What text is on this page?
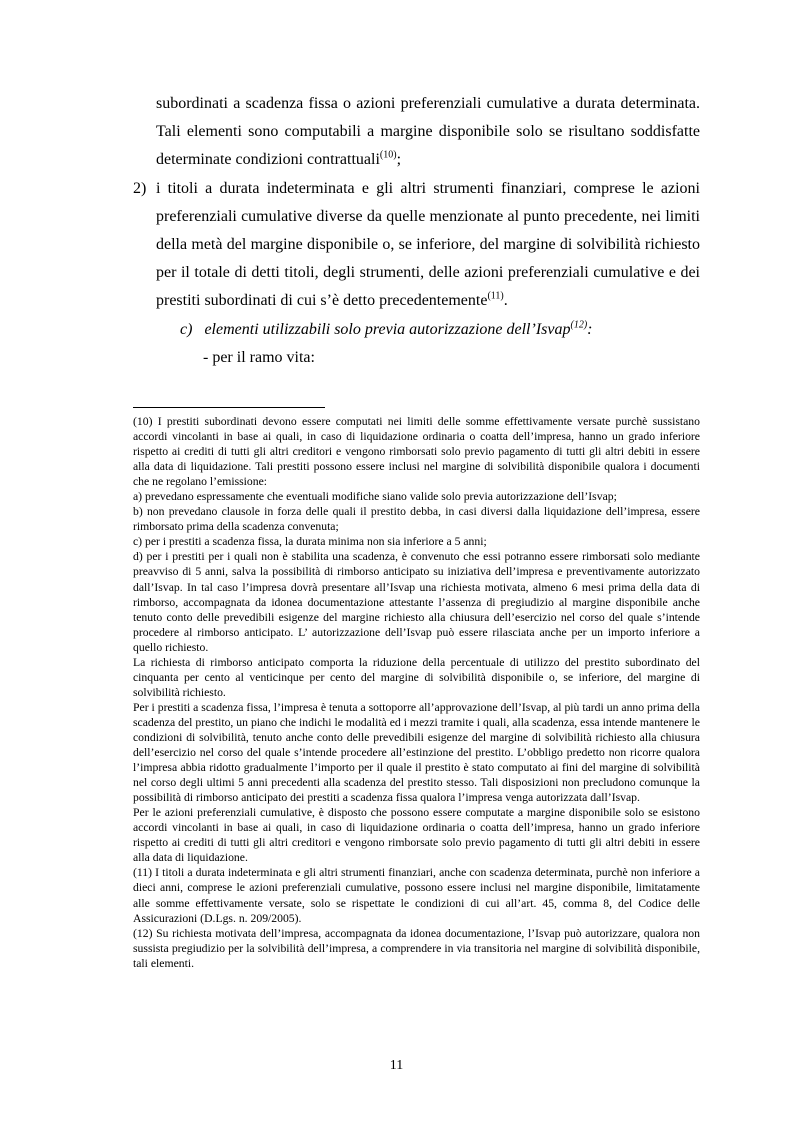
subordinati a scadenza fissa o azioni preferenziali cumulative a durata determinata.
Tali elementi sono computabili a margine disponibile solo se risultano soddisfatte
determinate condizioni contrattuali$^{(10)}$;
2) i titoli a durata indeterminata e gli altri strumenti finanziari, comprese le azioni
preferenziali cumulative diverse da quelle menzionate al punto precedente, nei limiti
della metà del margine disponibile o, se inferiore, del margine di solvibilità richiesto
per il totale di detti titoli, degli strumenti, delle azioni preferenziali cumulative e dei
prestiti subordinati di cui s’è detto precedentemente$^{(11)}$.
c) elementi utilizzabili solo previa autorizzazione dell’Isvap$^{(12)}$:
- per il ramo vita:

(10) I prestiti subordinati devono essere computati nei limiti delle somme effettivamente versate purchè sussistano accordi vincolanti in base ai quali, in caso di liquidazione ordinaria o coatta dell’impresa, hanno un grado inferiore rispetto ai crediti di tutti gli altri creditori e vengono rimborsati solo previo pagamento di tutti gli altri debiti in essere alla data di liquidazione. Tali prestiti possono essere inclusi nel margine di solvibilità disponibile qualora i documenti che ne regolano l’emissione:

a) prevedano espressamente che eventuali modifiche siano valide solo previa autorizzazione dell’Isvap;

b) non prevedano clausole in forza delle quali il prestito debba, in casi diversi dalla liquidazione dell’impresa, essere rimborsato prima della scadenza convenuta;

c) per i prestiti a scadenza fissa, la durata minima non sia inferiore a 5 anni;

d) per i prestiti per i quali non è stabilita una scadenza, è convenuto che essi potranno essere rimborsati solo mediante preavviso di 5 anni, salva la possibilità di rimborso anticipato su iniziativa dell’impresa e preventivamente autorizzato dall’Isvap. In tal caso l’impresa dovrà presentare all’Isvap una richiesta motivata, almeno 6 mesi prima della data di rimborso, accompagnata da idonea documentazione attestante l’assenza di pregiudizio al margine disponibile anche tenuto conto delle prevedibili esigenze del margine richiesto alla chiusura dell’esercizio nel corso del quale s’intende procedere al rimborso anticipato. L’ autorizzazione dell’Isvap può essere rilasciata anche per un importo inferiore a quello richiesto.

La richiesta di rimborso anticipato comporta la riduzione della percentuale di utilizzo del prestito subordinato del cinquanta per cento al venticinque per cento del margine di solvibilità disponibile o, se inferiore, del margine di solvibilità richiesto.

Per i prestiti a scadenza fissa, l’impresa è tenuta a sottoporre all’approvazione dell’Isvap, al più tardi un anno prima della scadenza del prestito, un piano che indichi le modalità ed i mezzi tramite i quali, alla scadenza, essa intende mantenere le condizioni di solvibilità, tenuto anche conto delle prevedibili esigenze del margine di solvibilità richiesto alla chiusura dell’esercizio nel corso del quale s’intende procedere all’estinzione del prestito. L’obbligo predetto non ricorre qualora l’impresa abbia ridotto gradualmente l’importo per il quale il prestito è stato computato ai fini del margine di solvibilità nel corso degli ultimi 5 anni precedenti alla scadenza del prestito stesso. Tali disposizioni non precludono comunque la possibilità di rimborso anticipato dei prestiti a scadenza fissa qualora l’impresa venga autorizzata dall’Isvap.

Per le azioni preferenziali cumulative, è disposto che possono essere computate a margine disponibile solo se esistono accordi vincolanti in base ai quali, in caso di liquidazione ordinaria o coatta dell’impresa, hanno un grado inferiore rispetto ai crediti di tutti gli altri creditori e vengono rimborsate solo previo pagamento di tutti gli altri debiti in essere alla data di liquidazione.

(11) I titoli a durata indeterminata e gli altri strumenti finanziari, anche con scadenza determinata, purchè non inferiore a dieci anni, comprese le azioni preferenziali cumulative, possono essere inclusi nel margine disponibile, limitatamente alle somme effettivamente versate, solo se rispettate le condizioni di cui all’art. 45, comma 8, del Codice delle Assicurazioni (D.Lgs. n. 209/2005).

(12) Su richiesta motivata dell’impresa, accompagnata da idonea documentazione, l’Isvap può autorizzare, qualora non sussista pregiudizio per la solvibilità dell’impresa, a comprendere in via transitoria nel margine di solvibilità disponibile, tali elementi.

11
